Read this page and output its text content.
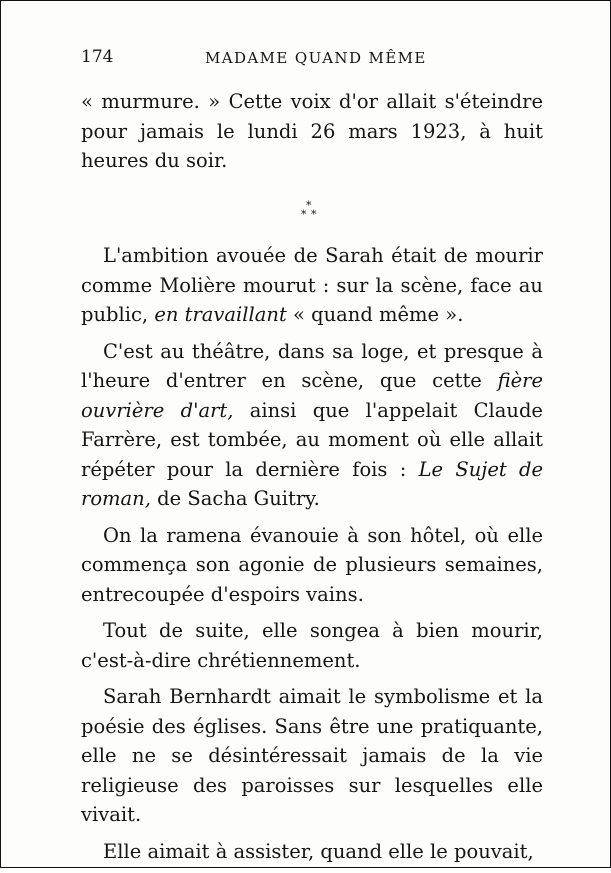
174	MADAME QUAND MÊME

« murmure. » Cette voix d'or allait s'éteindre pour jamais le lundi 26 mars 1923, à huit heures du soir.

*
* *

L'ambition avouée de Sarah était de mourir comme Molière mourut : sur la scène, face au public, en travaillant « quand même ».

C'est au théâtre, dans sa loge, et presque à l'heure d'entrer en scène, que cette fière ouvrière d'art, ainsi que l'appelait Claude Farrère, est tombée, au moment où elle allait répéter pour la dernière fois : Le Sujet de roman, de Sacha Guitry.

On la ramena évanouie à son hôtel, où elle commença son agonie de plusieurs semaines, entrecoupée d'espoirs vains.

Tout de suite, elle songea à bien mourir, c'est-à-dire chrétiennement.

Sarah Bernhardt aimait le symbolisme et la poésie des églises. Sans être une pratiquante, elle ne se désintéressait jamais de la vie religieuse des paroisses sur lesquelles elle vivait.

Elle aimait à assister, quand elle le pouvait,
